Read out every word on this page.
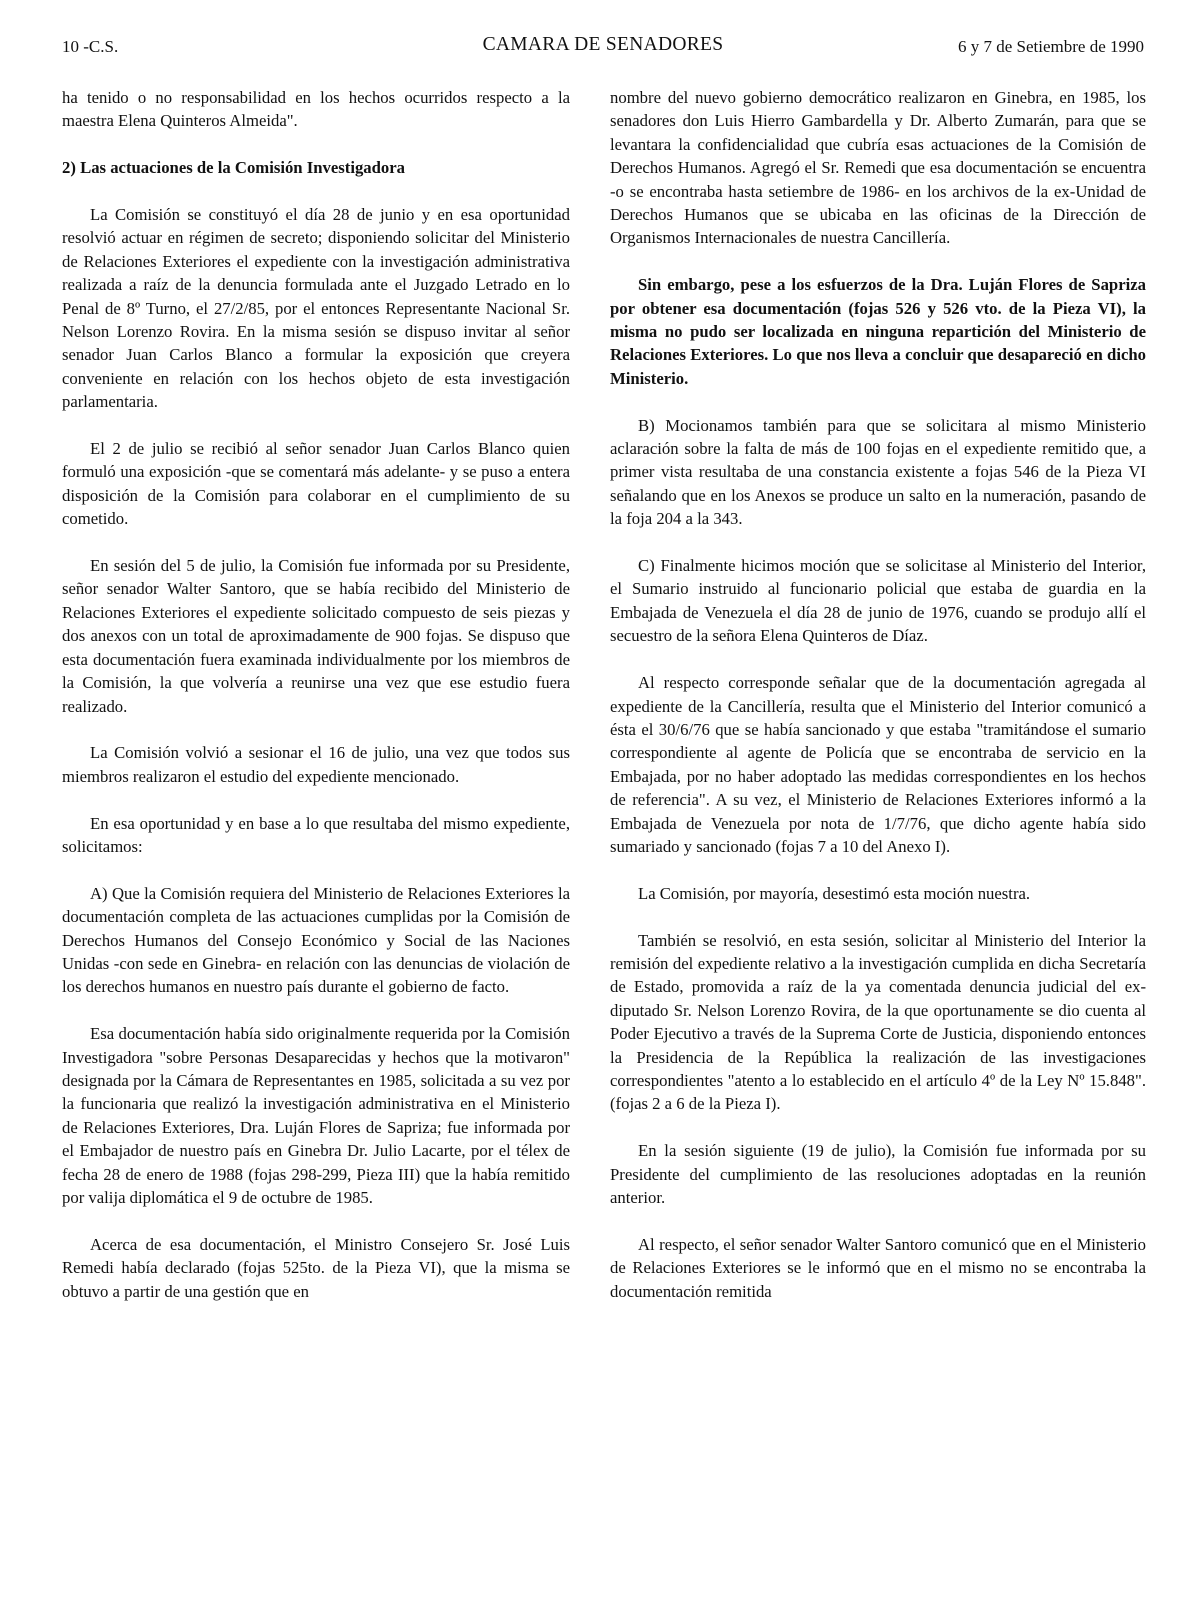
10 -C.S.	CAMARA DE SENADORES	6 y 7 de Setiembre de 1990

ha tenido o no responsabilidad en los hechos ocurridos respecto a la maestra Elena Quinteros Almeida".

2) Las actuaciones de la Comisión Investigadora

La Comisión se constituyó el día 28 de junio y en esa oportunidad resolvió actuar en régimen de secreto; disponiendo solicitar del Ministerio de Relaciones Exteriores el expediente con la investigación administrativa realizada a raíz de la denuncia formulada ante el Juzgado Letrado en lo Penal de 8º Turno, el 27/2/85, por el entonces Representante Nacional Sr. Nelson Lorenzo Rovira. En la misma sesión se dispuso invitar al señor senador Juan Carlos Blanco a formular la exposición que creyera conveniente en relación con los hechos objeto de esta investigación parlamentaria.

El 2 de julio se recibió al señor senador Juan Carlos Blanco quien formuló una exposición -que se comentará más adelante- y se puso a entera disposición de la Comisión para colaborar en el cumplimiento de su cometido.

En sesión del 5 de julio, la Comisión fue informada por su Presidente, señor senador Walter Santoro, que se había recibido del Ministerio de Relaciones Exteriores el expediente solicitado compuesto de seis piezas y dos anexos con un total de aproximadamente de 900 fojas. Se dispuso que esta documentación fuera examinada individualmente por los miembros de la Comisión, la que volvería a reunirse una vez que ese estudio fuera realizado.

La Comisión volvió a sesionar el 16 de julio, una vez que todos sus miembros realizaron el estudio del expediente mencionado.

En esa oportunidad y en base a lo que resultaba del mismo expediente, solicitamos:

A) Que la Comisión requiera del Ministerio de Relaciones Exteriores la documentación completa de las actuaciones cumplidas por la Comisión de Derechos Humanos del Consejo Económico y Social de las Naciones Unidas -con sede en Ginebra- en relación con las denuncias de violación de los derechos humanos en nuestro país durante el gobierno de facto.

Esa documentación había sido originalmente requerida por la Comisión Investigadora "sobre Personas Desaparecidas y hechos que la motivaron" designada por la Cámara de Representantes en 1985, solicitada a su vez por la funcionaria que realizó la investigación administrativa en el Ministerio de Relaciones Exteriores, Dra. Luján Flores de Sapriza; fue informada por el Embajador de nuestro país en Ginebra Dr. Julio Lacarte, por el télex de fecha 28 de enero de 1988 (fojas 298-299, Pieza III) que la había remitido por valija diplomática el 9 de octubre de 1985.

Acerca de esa documentación, el Ministro Consejero Sr. José Luis Remedi había declarado (fojas 525to. de la Pieza VI), que la misma se obtuvo a partir de una gestión que en

nombre del nuevo gobierno democrático realizaron en Ginebra, en 1985, los senadores don Luis Hierro Gambardella y Dr. Alberto Zumarán, para que se levantara la confidencialidad que cubría esas actuaciones de la Comisión de Derechos Humanos. Agregó el Sr. Remedi que esa documentación se encuentra -o se encontraba hasta setiembre de 1986- en los archivos de la ex-Unidad de Derechos Humanos que se ubicaba en las oficinas de la Dirección de Organismos Internacionales de nuestra Cancillería.

Sin embargo, pese a los esfuerzos de la Dra. Luján Flores de Sapriza por obtener esa documentación (fojas 526 y 526 vto. de la Pieza VI), la misma no pudo ser localizada en ninguna repartición del Ministerio de Relaciones Exteriores. Lo que nos lleva a concluir que desapareció en dicho Ministerio.

B) Mocionamos también para que se solicitara al mismo Ministerio aclaración sobre la falta de más de 100 fojas en el expediente remitido que, a primer vista resultaba de una constancia existente a fojas 546 de la Pieza VI señalando que en los Anexos se produce un salto en la numeración, pasando de la foja 204 a la 343.

C) Finalmente hicimos moción que se solicitase al Ministerio del Interior, el Sumario instruido al funcionario policial que estaba de guardia en la Embajada de Venezuela el día 28 de junio de 1976, cuando se produjo allí el secuestro de la señora Elena Quinteros de Díaz.

Al respecto corresponde señalar que de la documentación agregada al expediente de la Cancillería, resulta que el Ministerio del Interior comunicó a ésta el 30/6/76 que se había sancionado y que estaba "tramitándose el sumario correspondiente al agente de Policía que se encontraba de servicio en la Embajada, por no haber adoptado las medidas correspondientes en los hechos de referencia". A su vez, el Ministerio de Relaciones Exteriores informó a la Embajada de Venezuela por nota de 1/7/76, que dicho agente había sido sumariado y sancionado (fojas 7 a 10 del Anexo I).

La Comisión, por mayoría, desestimó esta moción nuestra.

También se resolvió, en esta sesión, solicitar al Ministerio del Interior la remisión del expediente relativo a la investigación cumplida en dicha Secretaría de Estado, promovida a raíz de la ya comentada denuncia judicial del ex-diputado Sr. Nelson Lorenzo Rovira, de la que oportunamente se dio cuenta al Poder Ejecutivo a través de la Suprema Corte de Justicia, disponiendo entonces la Presidencia de la República la realización de las investigaciones correspondientes "atento a lo establecido en el artículo 4º de la Ley Nº 15.848". (fojas 2 a 6 de la Pieza I).

En la sesión siguiente (19 de julio), la Comisión fue informada por su Presidente del cumplimiento de las resoluciones adoptadas en la reunión anterior.

Al respecto, el señor senador Walter Santoro comunicó que en el Ministerio de Relaciones Exteriores se le informó que en el mismo no se encontraba la documentación remitida
